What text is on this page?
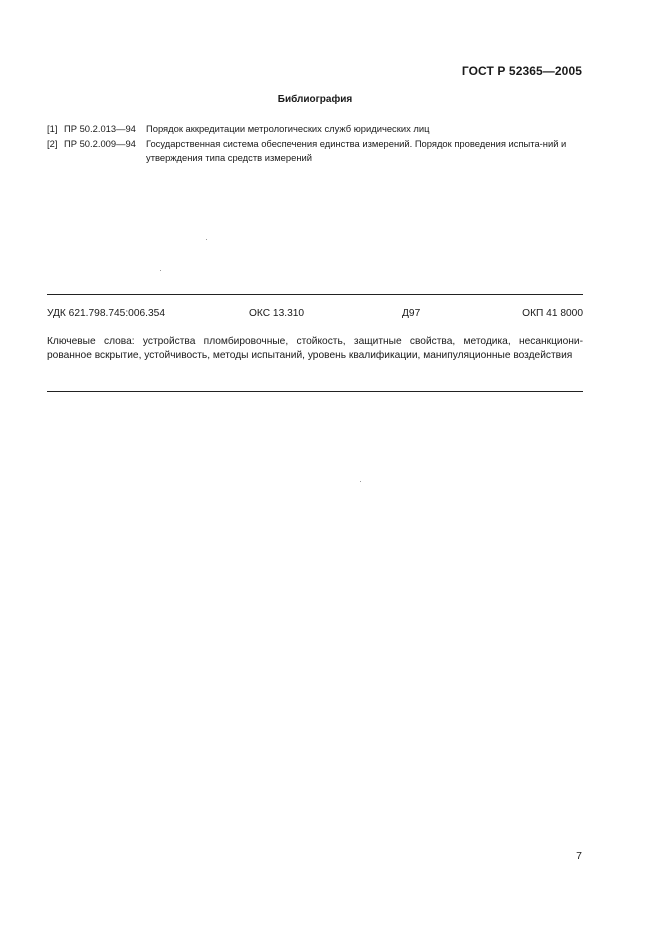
ГОСТ Р 52365—2005
Библиография
[1] ПР 50.2.013—94	Порядок аккредитации метрологических служб юридических лиц
[2] ПР 50.2.009—94	Государственная система обеспечения единства измерений. Порядок проведения испыта-ний и утверждения типа средств измерений
УДК 621.798.745:006.354	ОКС 13.310	Д97	ОКП 41 8000
Ключевые слова: устройства пломбировочные, стойкость, защитные свойства, методика, несанкциони-рованное вскрытие, устойчивость, методы испытаний, уровень квалификации, манипуляционные воздействия
7
